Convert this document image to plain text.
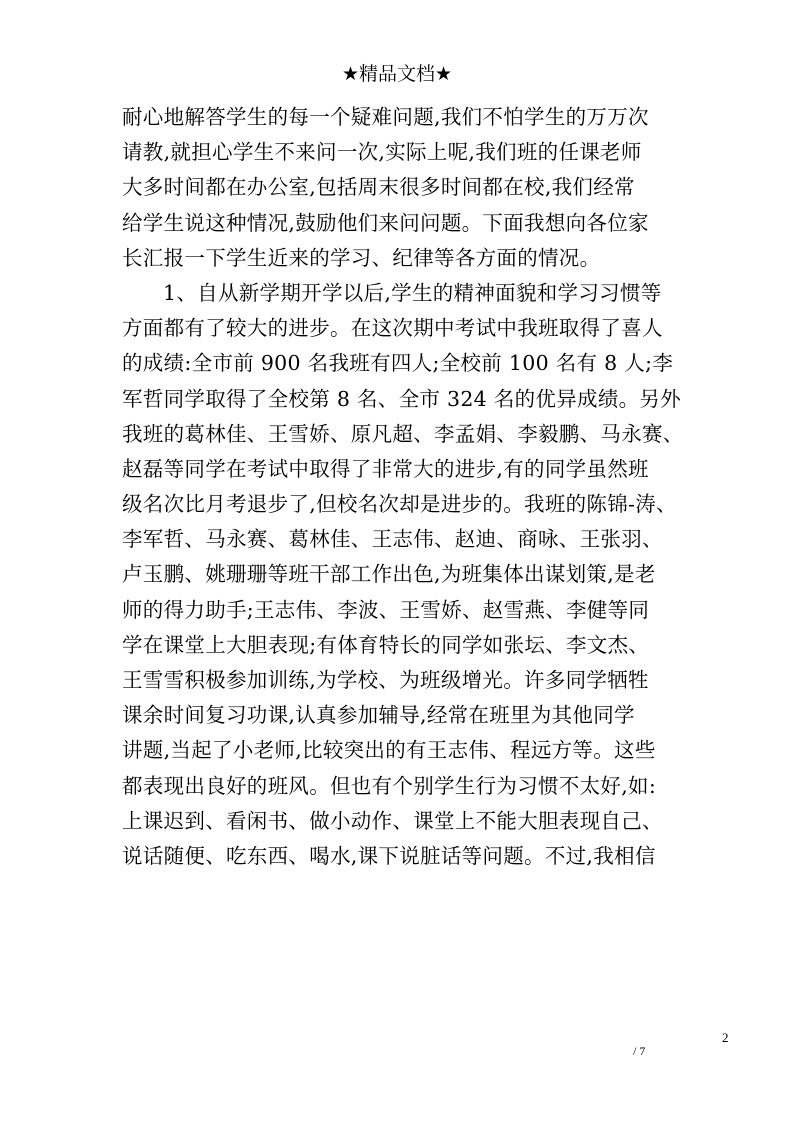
★精品文档★
耐心地解答学生的每一个疑难问题,我们不怕学生的万万次
请教,就担心学生不来问一次,实际上呢,我们班的任课老师
大多时间都在办公室,包括周末很多时间都在校,我们经常
给学生说这种情况,鼓励他们来问问题。下面我想向各位家
长汇报一下学生近来的学习、纪律等各方面的情况。
1、自从新学期开学以后,学生的精神面貌和学习习惯等
方面都有了较大的进步。在这次期中考试中我班取得了喜人
的成绩:全市前 900 名我班有四人;全校前 100 名有 8 人;李
军哲同学取得了全校第 8 名、全市 324 名的优异成绩。另外
我班的葛林佳、王雪娇、原凡超、李孟娟、李毅鹏、马永赛、
赵磊等同学在考试中取得了非常大的进步,有的同学虽然班
级名次比月考退步了,但校名次却是进步的。我班的陈锦-涛、
李军哲、马永赛、葛林佳、王志伟、赵迪、商咏、王张羽、
卢玉鹏、姚珊珊等班干部工作出色,为班集体出谋划策,是老
师的得力助手;王志伟、李波、王雪娇、赵雪燕、李健等同
学在课堂上大胆表现;有体育特长的同学如张坛、李文杰、
王雪雪积极参加训练,为学校、为班级增光。许多同学牺牲
课余时间复习功课,认真参加辅导,经常在班里为其他同学
讲题,当起了小老师,比较突出的有王志伟、程远方等。这些
都表现出良好的班风。但也有个别学生行为习惯不太好,如:
上课迟到、看闲书、做小动作、课堂上不能大胆表现自己、
说话随便、吃东西、喝水,课下说脏话等问题。不过,我相信
2
/ 7
